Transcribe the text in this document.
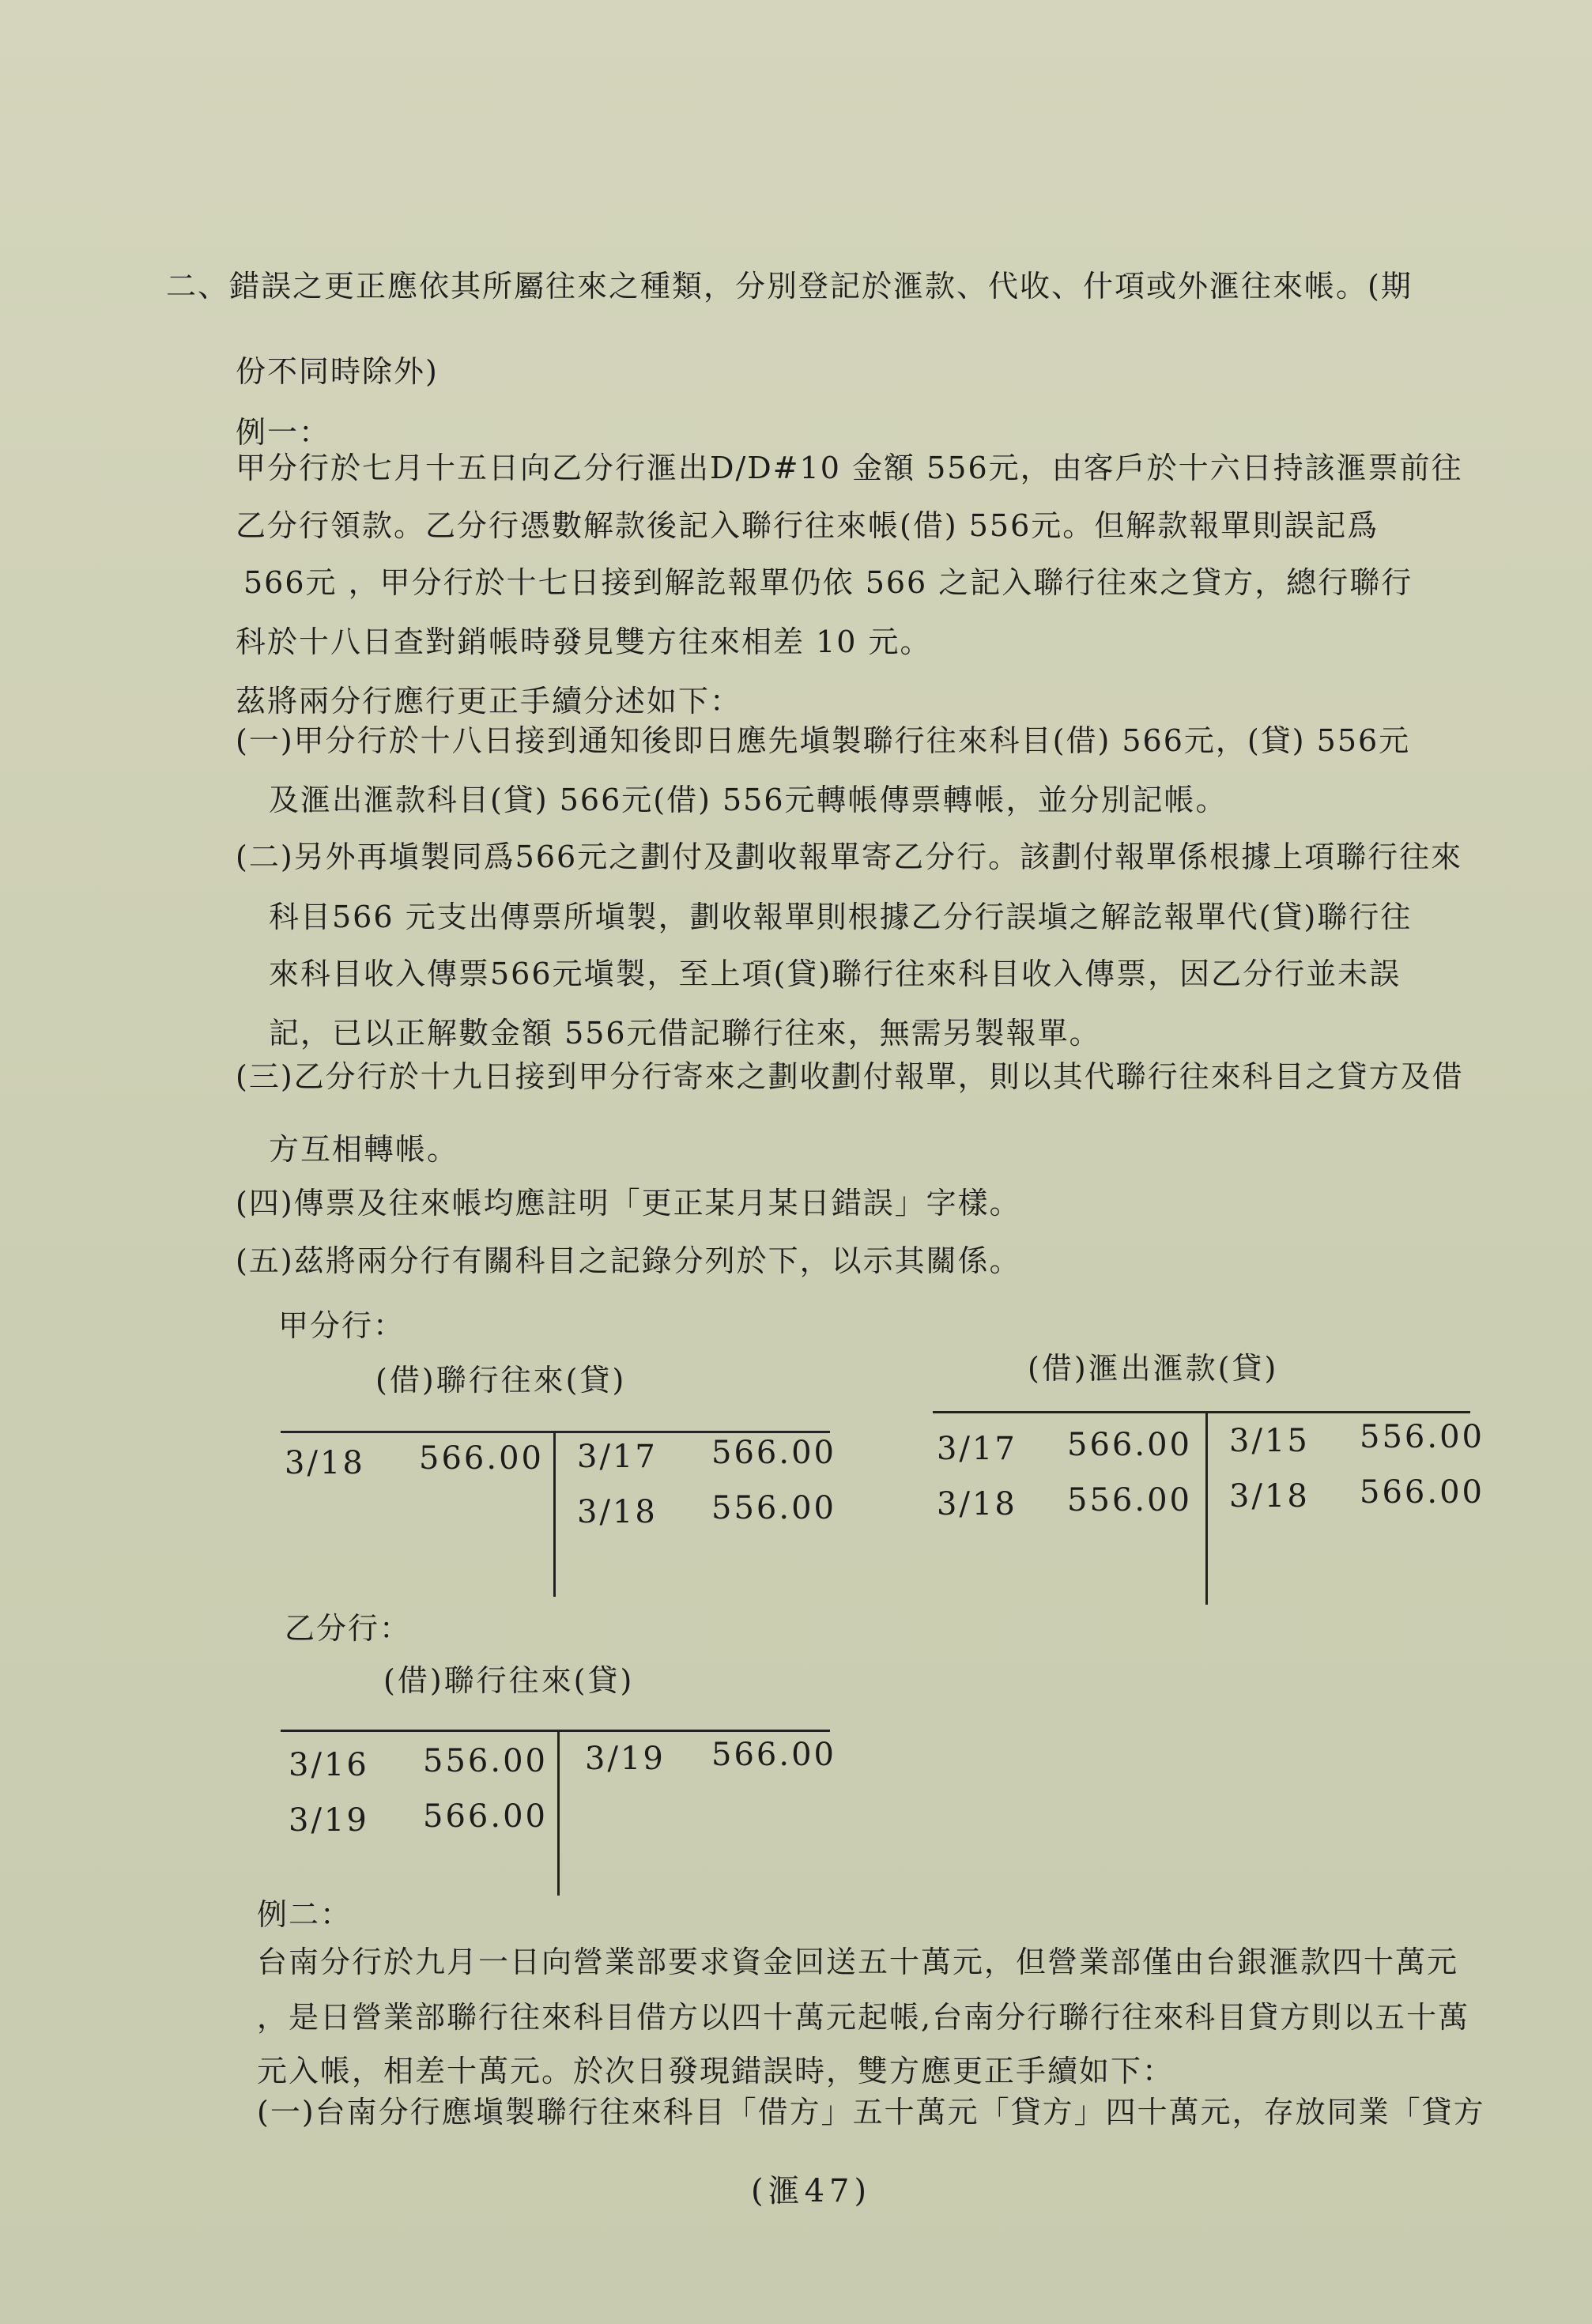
二、錯誤之更正應依其所屬往來之種類，分別登記於滙款、代收、什項或外滙往來帳。(期
份不同時除外)
例一：
甲分行於七月十五日向乙分行滙出D/D#10 金額 556元，由客戶於十六日持該滙票前往
乙分行領款。乙分行憑數解款後記入聯行往來帳(借) 556元。但解款報單則誤記爲
566元 ，甲分行於十七日接到解訖報單仍依 566 之記入聯行往來之貸方，總行聯行
科於十八日查對銷帳時發見雙方往來相差 10 元。
茲將兩分行應行更正手續分述如下：
(一)甲分行於十八日接到通知後即日應先塡製聯行往來科目(借) 566元，(貸) 556元
及滙出滙款科目(貸) 566元(借) 556元轉帳傳票轉帳，並分別記帳。
(二)另外再塡製同爲566元之劃付及劃收報單寄乙分行。該劃付報單係根據上項聯行往來
科目566 元支出傳票所塡製，劃收報單則根據乙分行誤塡之解訖報單代(貸)聯行往
來科目收入傳票566元塡製，至上項(貸)聯行往來科目收入傳票，因乙分行並未誤
記，已以正解數金額 556元借記聯行往來，無需另製報單。
(三)乙分行於十九日接到甲分行寄來之劃收劃付報單，則以其代聯行往來科目之貸方及借
方互相轉帳。
(四)傳票及往來帳均應註明「更正某月某日錯誤」字樣。
(五)茲將兩分行有關科目之記錄分列於下，以示其關係。
甲分行：
(借)聯行往來(貸)
3/18 566.00 3/17 566.00
3/18 556.00
(借)滙出滙款(貸)
3/17 566.00
3/18 556.00
3/15 556.00
3/18 566.00
乙分行：
(借)聯行往來(貸)
3/16 556.00
3/19 566.00
3/19 566.00
例二：
台南分行於九月一日向營業部要求資金回送五十萬元，但營業部僅由台銀滙款四十萬元
，是日營業部聯行往來科目借方以四十萬元起帳,台南分行聯行往來科目貸方則以五十萬
元入帳，相差十萬元。於次日發現錯誤時，雙方應更正手續如下：
(一)台南分行應塡製聯行往來科目「借方」五十萬元「貸方」四十萬元，存放同業「貸方
(滙47)
